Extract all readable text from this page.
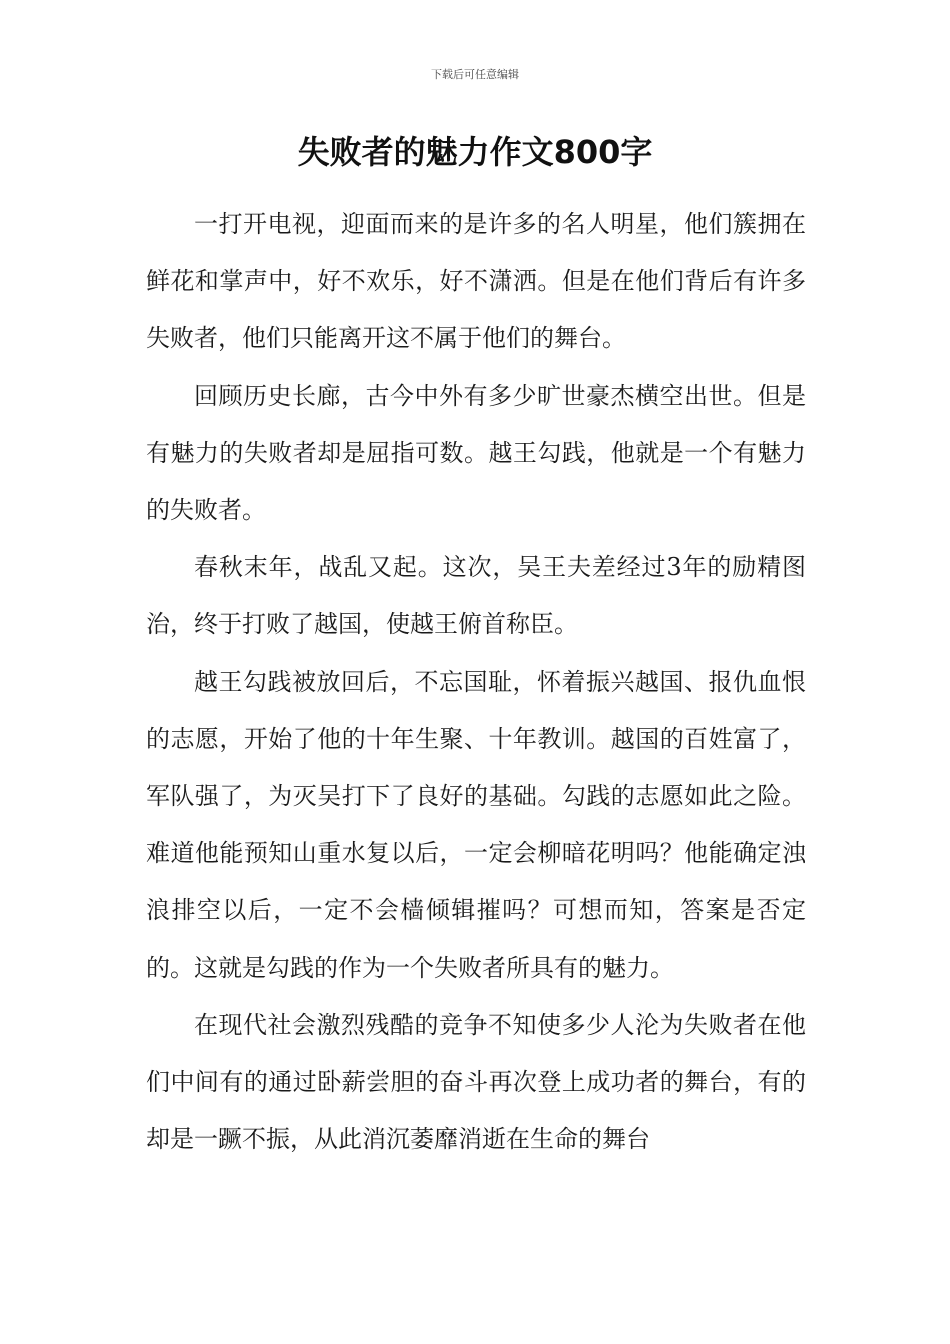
下载后可任意编辑
失败者的魅力作文800字

一打开电视，迎面而来的是许多的名人明星，他们簇拥在鲜花和掌声中，好不欢乐，好不潇洒。但是在他们背后有许多失败者，他们只能离开这不属于他们的舞台。

回顾历史长廊，古今中外有多少旷世豪杰横空出世。但是有魅力的失败者却是屈指可数。越王勾践，他就是一个有魅力的失败者。

春秋末年，战乱又起。这次，吴王夫差经过3年的励精图治，终于打败了越国，使越王俯首称臣。

越王勾践被放回后，不忘国耻，怀着振兴越国、报仇血恨的志愿，开始了他的十年生聚、十年教训。越国的百姓富了，军队强了，为灭吴打下了良好的基础。勾践的志愿如此之险。难道他能预知山重水复以后，一定会柳暗花明吗？他能确定浊浪排空以后，一定不会樯倾辑摧吗？可想而知，答案是否定的。这就是勾践的作为一个失败者所具有的魅力。

在现代社会激烈残酷的竞争不知使多少人沦为失败者在他们中间有的通过卧薪尝胆的奋斗再次登上成功者的舞台，有的却是一蹶不振，从此消沉萎靡消逝在生命的舞台
